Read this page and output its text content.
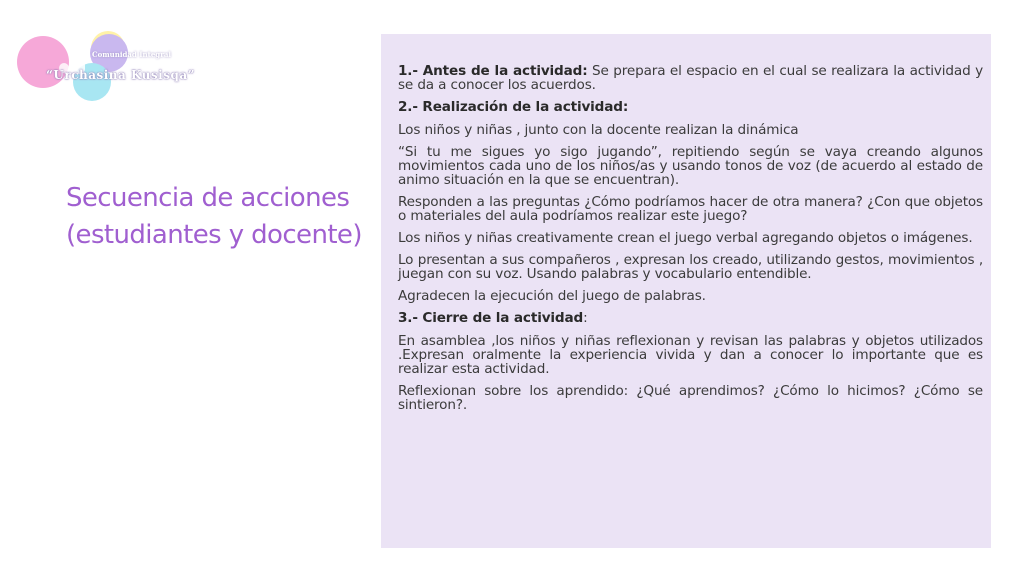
Comunidad Integral
“Urchasina Kusisqa”
Secuencia de acciones
(estudiantes y docente)

1.- Antes de la actividad: Se prepara el espacio en el cual se realizara la actividad y se da a conocer los acuerdos.

2.- Realización de la actividad:

Los niños y niñas , junto con la docente realizan la dinámica

“Si tu me sigues yo sigo jugando”, repitiendo según se vaya creando algunos movimientos cada uno de los niños/as y usando tonos de voz (de acuerdo al estado de animo situación en la que se encuentran).

Responden a las preguntas ¿Cómo podríamos hacer de otra manera? ¿Con que objetos o materiales del aula podríamos realizar este juego?

Los niños y niñas creativamente crean el juego verbal agregando objetos o imágenes.

Lo presentan a sus compañeros , expresan los creado, utilizando gestos, movimientos , juegan con su voz. Usando palabras y vocabulario entendible.

Agradecen la ejecución del juego de palabras.

3.- Cierre de la actividad:

En asamblea ,los niños y niñas reflexionan y revisan las palabras y objetos utilizados .Expresan oralmente la experiencia vivida y dan a conocer lo importante que es realizar esta actividad.

Reflexionan sobre los aprendido: ¿Qué aprendimos? ¿Cómo lo hicimos? ¿Cómo se sintieron?.
